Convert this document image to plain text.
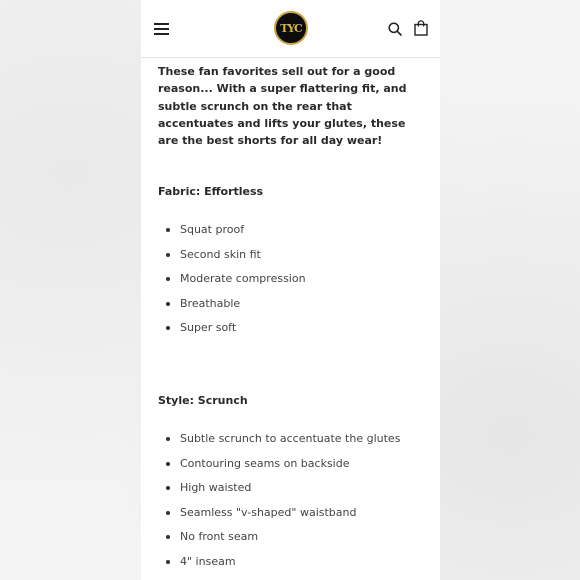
TYC

These fan favorites sell out for a good reason... With a super flattering fit, and subtle scrunch on the rear that accentuates and lifts your glutes, these are the best shorts for all day wear!

Fabric: Effortless

Squat proof
Second skin fit
Moderate compression
Breathable
Super soft

Style: Scrunch

Subtle scrunch to accentuate the glutes
Contouring seams on backside
High waisted
Seamless "v-shaped" waistband
No front seam
4" inseam
